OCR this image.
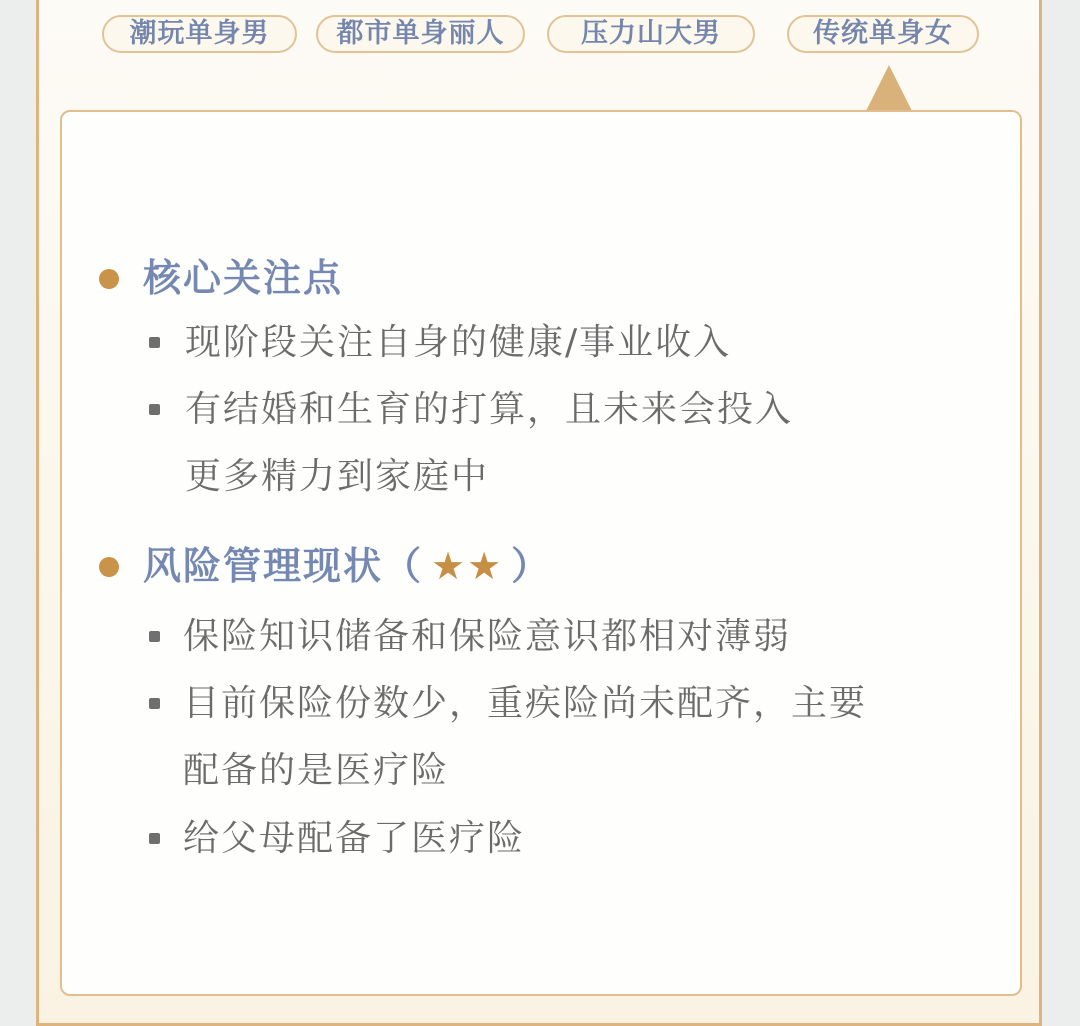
潮玩单身男	都市单身丽人	压力山大男	传统单身女
核心关注点
现阶段关注自身的健康/事业收入
有结婚和生育的打算，且未来会投入
更多精力到家庭中
风险管理现状（ ★★ ）
保险知识储备和保险意识都相对薄弱
目前保险份数少，重疾险尚未配齐，主要
配备的是医疗险
给父母配备了医疗险
